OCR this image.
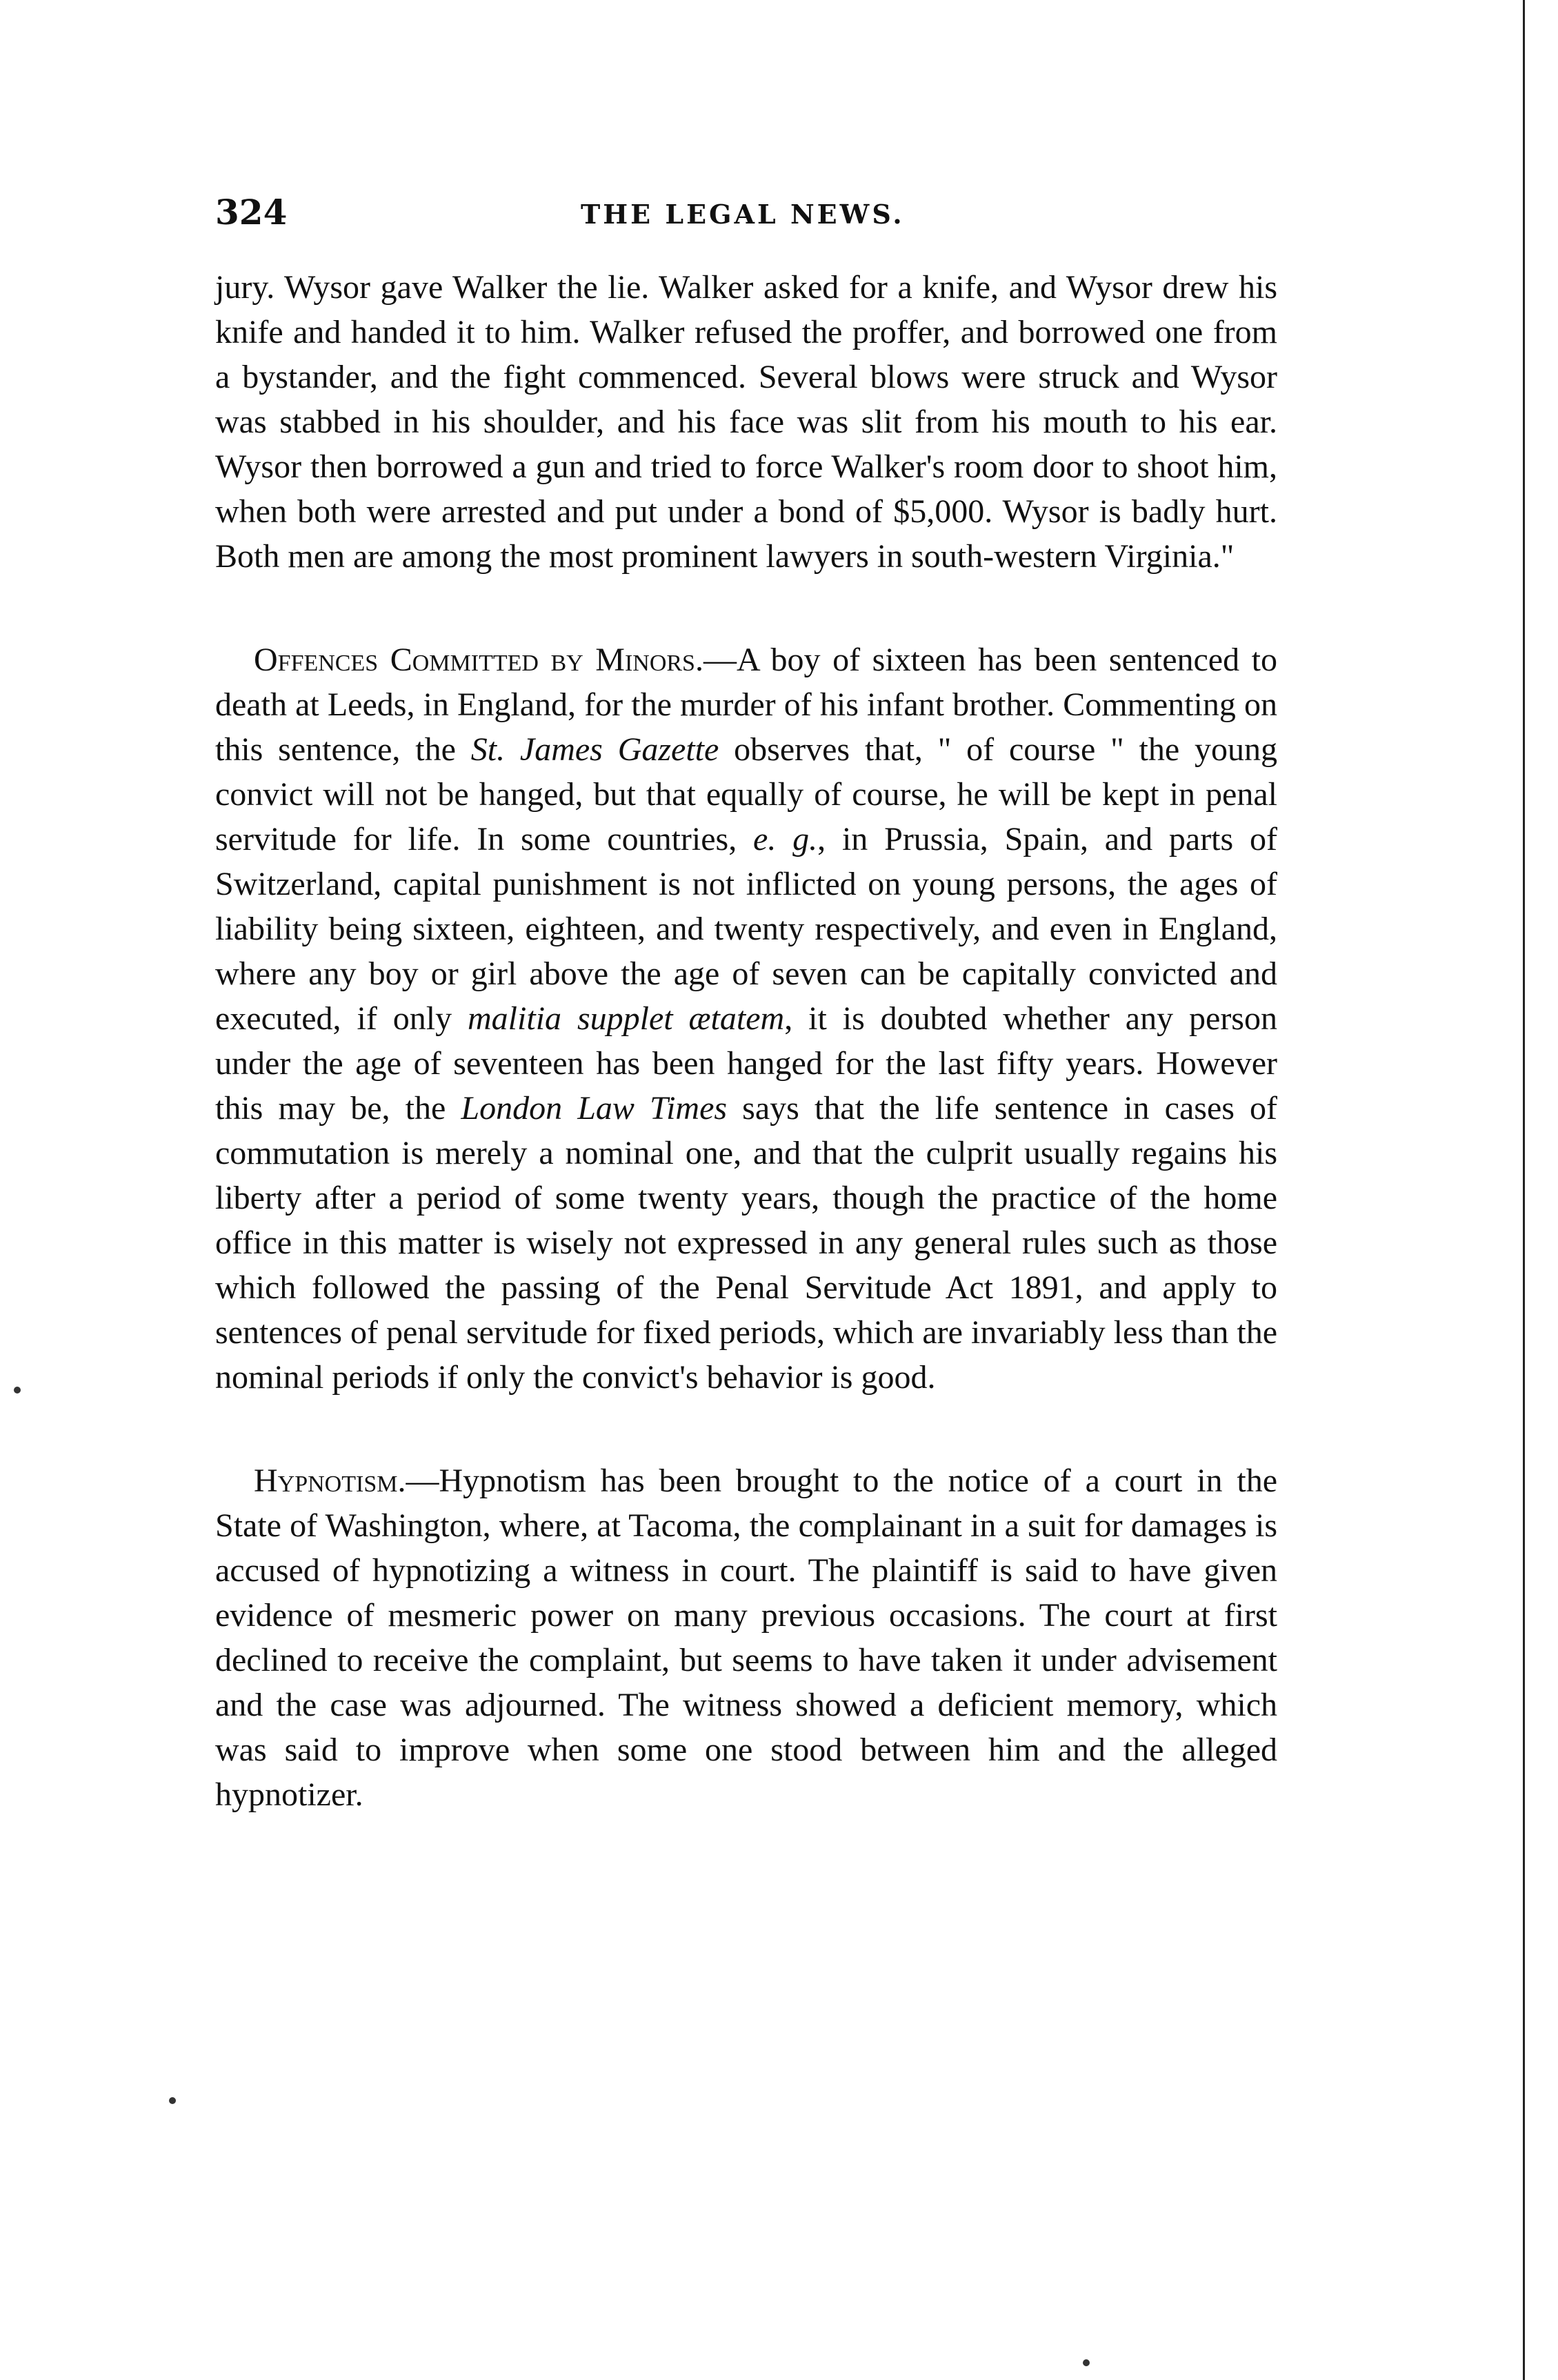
324	THE LEGAL NEWS.

jury. Wysor gave Walker the lie. Walker asked for a knife, and Wysor drew his knife and handed it to him. Walker refused the proffer, and borrowed one from a bystander, and the fight commenced. Several blows were struck and Wysor was stabbed in his shoulder, and his face was slit from his mouth to his ear. Wysor then borrowed a gun and tried to force Walker's room door to shoot him, when both were arrested and put under a bond of $5,000. Wysor is badly hurt. Both men are among the most prominent lawyers in south-western Virginia."

Offences Committed by Minors.—A boy of sixteen has been sentenced to death at Leeds, in England, for the murder of his infant brother. Commenting on this sentence, the St. James Gazette observes that, " of course " the young convict will not be hanged, but that equally of course, he will be kept in penal servitude for life. In some countries, e. g., in Prussia, Spain, and parts of Switzerland, capital punishment is not inflicted on young persons, the ages of liability being sixteen, eighteen, and twenty respectively, and even in England, where any boy or girl above the age of seven can be capitally convicted and executed, if only malitia supplet ætatem, it is doubted whether any person under the age of seventeen has been hanged for the last fifty years. However this may be, the London Law Times says that the life sentence in cases of commutation is merely a nominal one, and that the culprit usually regains his liberty after a period of some twenty years, though the practice of the home office in this matter is wisely not expressed in any general rules such as those which followed the passing of the Penal Servitude Act 1891, and apply to sentences of penal servitude for fixed periods, which are invariably less than the nominal periods if only the convict's behavior is good.

Hypnotism.—Hypnotism has been brought to the notice of a court in the State of Washington, where, at Tacoma, the complainant in a suit for damages is accused of hypnotizing a witness in court. The plaintiff is said to have given evidence of mesmeric power on many previous occasions. The court at first declined to receive the complaint, but seems to have taken it under advisement and the case was adjourned. The witness showed a deficient memory, which was said to improve when some one stood between him and the alleged hypnotizer.
